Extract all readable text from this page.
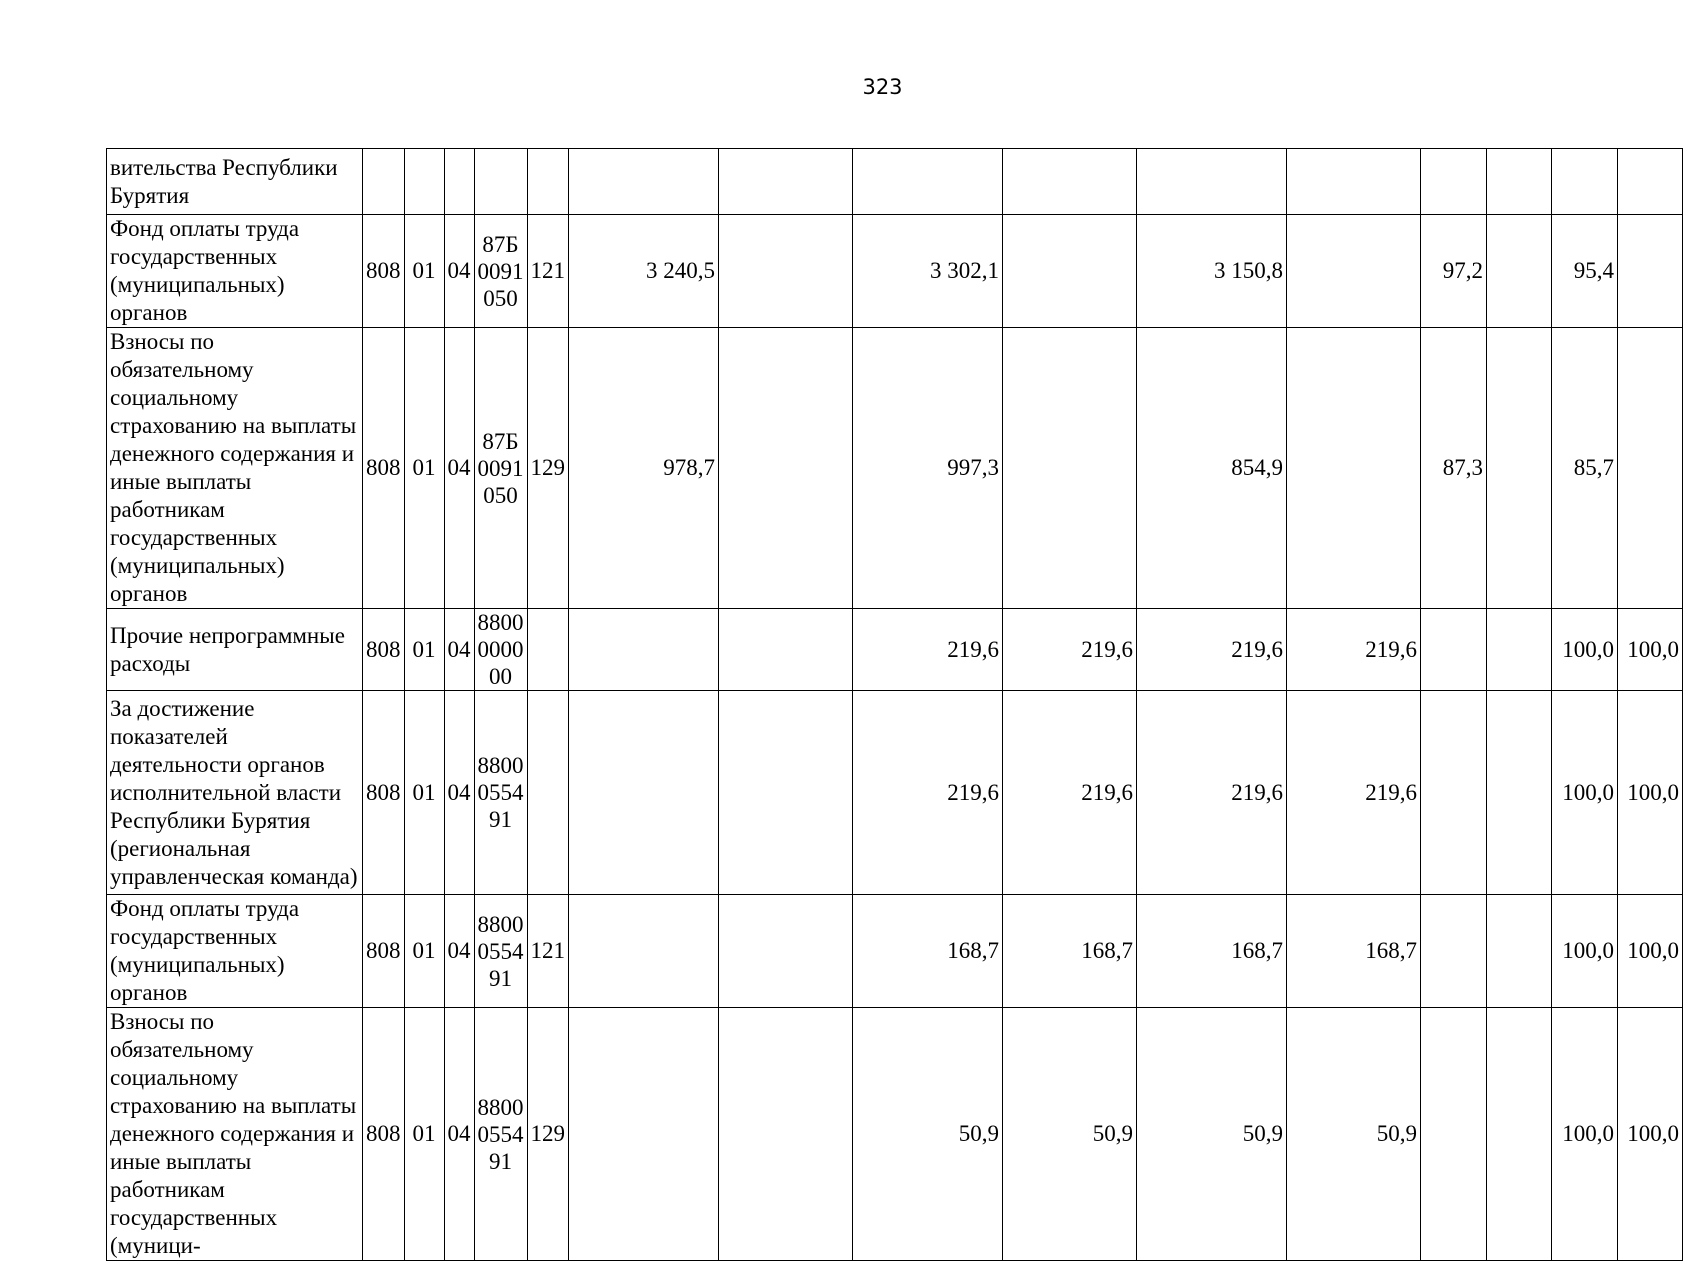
323
вительства Республики Бурятия															
Фонд оплаты труда государственных (муниципальных) органов	808	01	04	87Б0091050	121	3 240,5		3 302,1		3 150,8		97,2		95,4	
Взносы по обязательному социальному страхованию на выплаты денежного содержания и иные выплаты работникам государственных (муниципальных) органов	808	01	04	87Б0091050	129	978,7		997,3		854,9		87,3		85,7	
Прочие непрограммные расходы	808	01	04	8800000000				219,6	219,6	219,6	219,6			100,0	100,0
За достижение показателей деятельности органов исполнительной власти Республики Бурятия (региональная управленческая команда)	808	01	04	8800055491				219,6	219,6	219,6	219,6			100,0	100,0
Фонд оплаты труда государственных (муниципальных) органов	808	01	04	8800055491	121			168,7	168,7	168,7	168,7			100,0	100,0
Взносы по обязательному социальному страхованию на выплаты денежного содержания и иные выплаты работникам государственных (муници-	808	01	04	8800055491	129			50,9	50,9	50,9	50,9			100,0	100,0
